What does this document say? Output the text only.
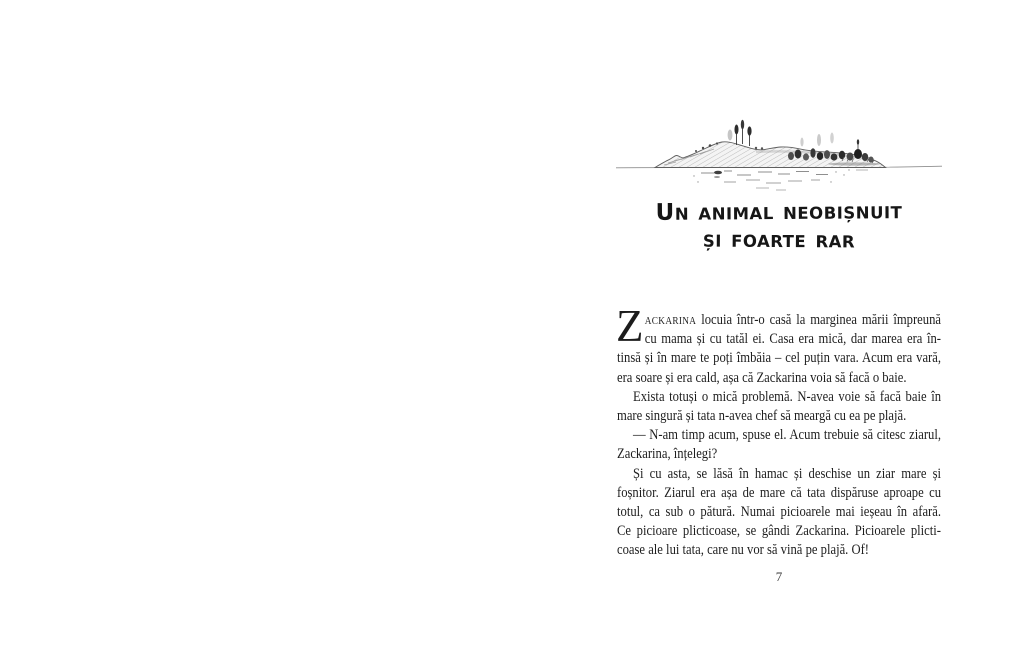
UN ANIMAL NEOBIȘNUIT
ȘI FOARTE RAR
Z ackarina locuia într-o casă la marginea mării împreună
cu mama și cu tatăl ei. Casa era mică, dar marea era în-
tinsă și în mare te poți îmbăia – cel puțin vara. Acum era vară,
era soare și era cald, așa că Zackarina voia să facă o baie.
Exista totuși o mică problemă. N-avea voie să facă baie în
mare singură și tata n-avea chef să meargă cu ea pe plajă.
— N-am timp acum, spuse el. Acum trebuie să citesc ziarul,
Zackarina, înțelegi?
Și cu asta, se lăsă în hamac și deschise un ziar mare și
foșnitor. Ziarul era așa de mare că tata dispăruse aproape cu
totul, ca sub o pătură. Numai picioarele mai ieșeau în afară.
Ce picioare plicticoase, se gândi Zackarina. Picioarele plicti-
coase ale lui tata, care nu vor să vină pe plajă. Of!
7
